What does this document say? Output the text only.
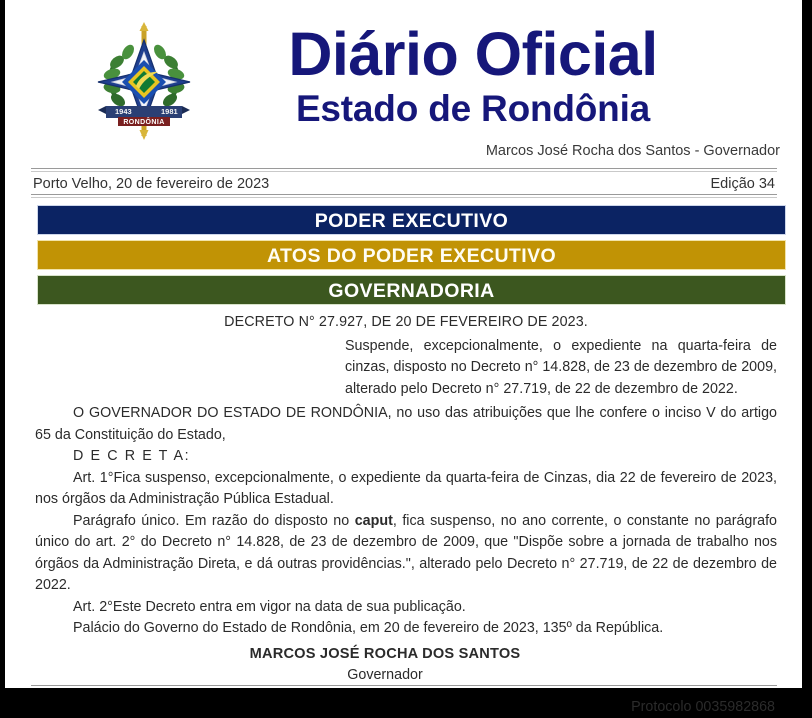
1943	1981
RONDÔNIA
Diário Oficial
Estado de Rondônia
Marcos José Rocha dos Santos - Governador
Porto Velho, 20 de fevereiro de 2023	Edição 34
PODER EXECUTIVO
ATOS DO PODER EXECUTIVO
GOVERNADORIA
DECRETO N° 27.927, DE 20 DE FEVEREIRO DE 2023.
Suspende, excepcionalmente, o expediente na quarta-feira de cinzas, disposto no Decreto n° 14.828, de 23 de dezembro de 2009, alterado pelo Decreto n° 27.719, de 22 de dezembro de 2022.

O GOVERNADOR DO ESTADO DE RONDÔNIA, no uso das atribuições que lhe confere o inciso V do artigo 65 da Constituição do Estado,

D E C R E T A:

Art. 1°Fica suspenso, excepcionalmente, o expediente da quarta-feira de Cinzas, dia 22 de fevereiro de 2023, nos órgãos da Administração Pública Estadual.

Parágrafo único. Em razão do disposto no caput, fica suspenso, no ano corrente, o constante no parágrafo único do art. 2° do Decreto n° 14.828, de 23 de dezembro de 2009, que "Dispõe sobre a jornada de trabalho nos órgãos da Administração Direta, e dá outras providências.", alterado pelo Decreto n° 27.719, de 22 de dezembro de 2022.

Art. 2°Este Decreto entra em vigor na data de sua publicação.

Palácio do Governo do Estado de Rondônia, em 20 de fevereiro de 2023, 135º da República.

MARCOS JOSÉ ROCHA DOS SANTOS
Governador
Protocolo 0035982868
